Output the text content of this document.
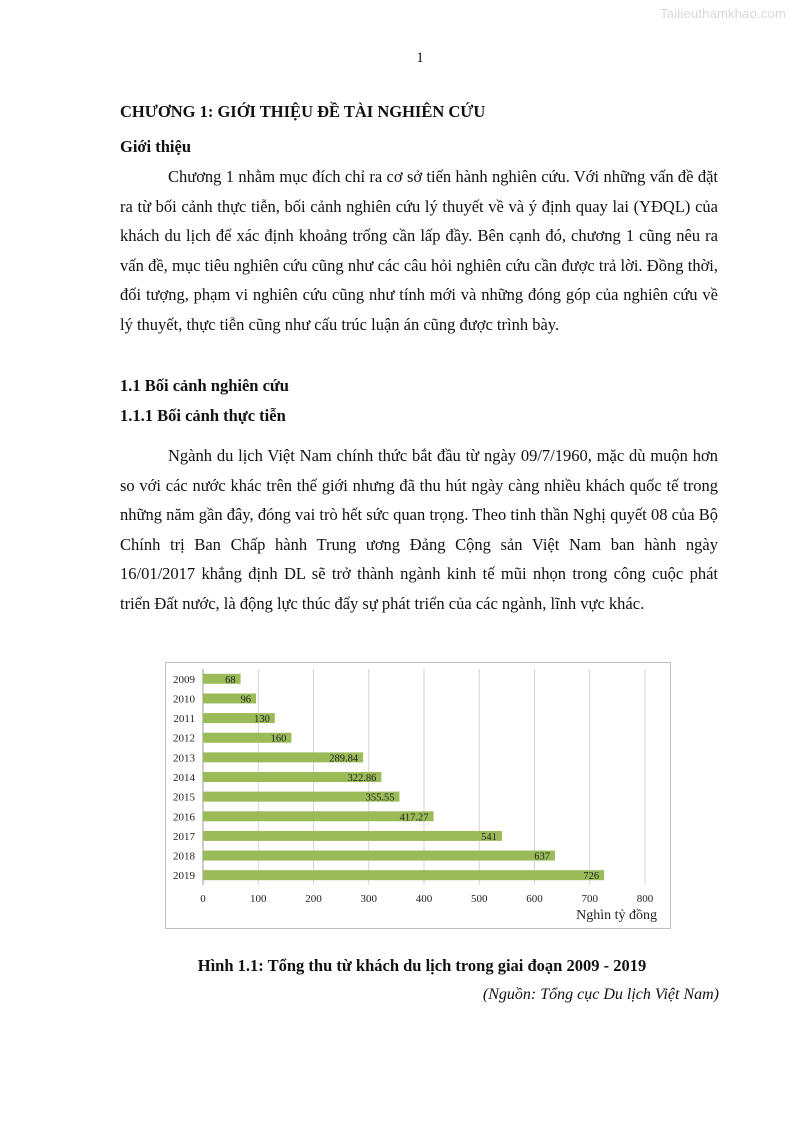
Tailieuthamkhao.com
1
CHƯƠNG 1: GIỚI THIỆU ĐỀ TÀI NGHIÊN CỨU
Giới thiệu

Chương 1 nhằm mục đích chỉ ra cơ sở tiến hành nghiên cứu. Với những vấn đề đặt ra từ bối cảnh thực tiễn, bối cảnh nghiên cứu lý thuyết về và ý định quay lai (YĐQL) của khách du lịch để xác định khoảng trống cần lấp đầy. Bên cạnh đó, chương 1 cũng nêu ra vấn đề, mục tiêu nghiên cứu cũng như các câu hỏi nghiên cứu cần được trả lời. Đồng thời, đối tượng, phạm vi nghiên cứu cũng như tính mới và những đóng góp của nghiên cứu về lý thuyết, thực tiễn cũng như cấu trúc luận án cũng được trình bày.

1.1 Bối cảnh nghiên cứu
1.1.1 Bối cảnh thực tiễn

Ngành du lịch Việt Nam chính thức bắt đầu từ ngày 09/7/1960, mặc dù muộn hơn so với các nước khác trên thế giới nhưng đã thu hút ngày càng nhiều khách quốc tế trong những năm gần đây, đóng vai trò hết sức quan trọng. Theo tinh thần Nghị quyết 08 của Bộ Chính trị Ban Chấp hành Trung ương Đảng Cộng sản Việt Nam ban hành ngày 16/01/2017 khẳng định DL sẽ trở thành ngành kinh tế mũi nhọn trong công cuộc phát triển Đất nước, là động lực thúc đẩy sự phát triển của các ngành, lĩnh vực khác.

0	100	200	300	400	500	600	700	800
2009	68
2010	96
2011	130
2012	160
2013	289.84
2014	322.86
2015	355.55
2016	417.27
2017	541
2018	637
2019	726
Nghìn tỷ đồng
Hình 1.1: Tổng thu từ khách du lịch trong giai đoạn 2009 - 2019
(Nguồn: Tổng cục Du lịch Việt Nam)
